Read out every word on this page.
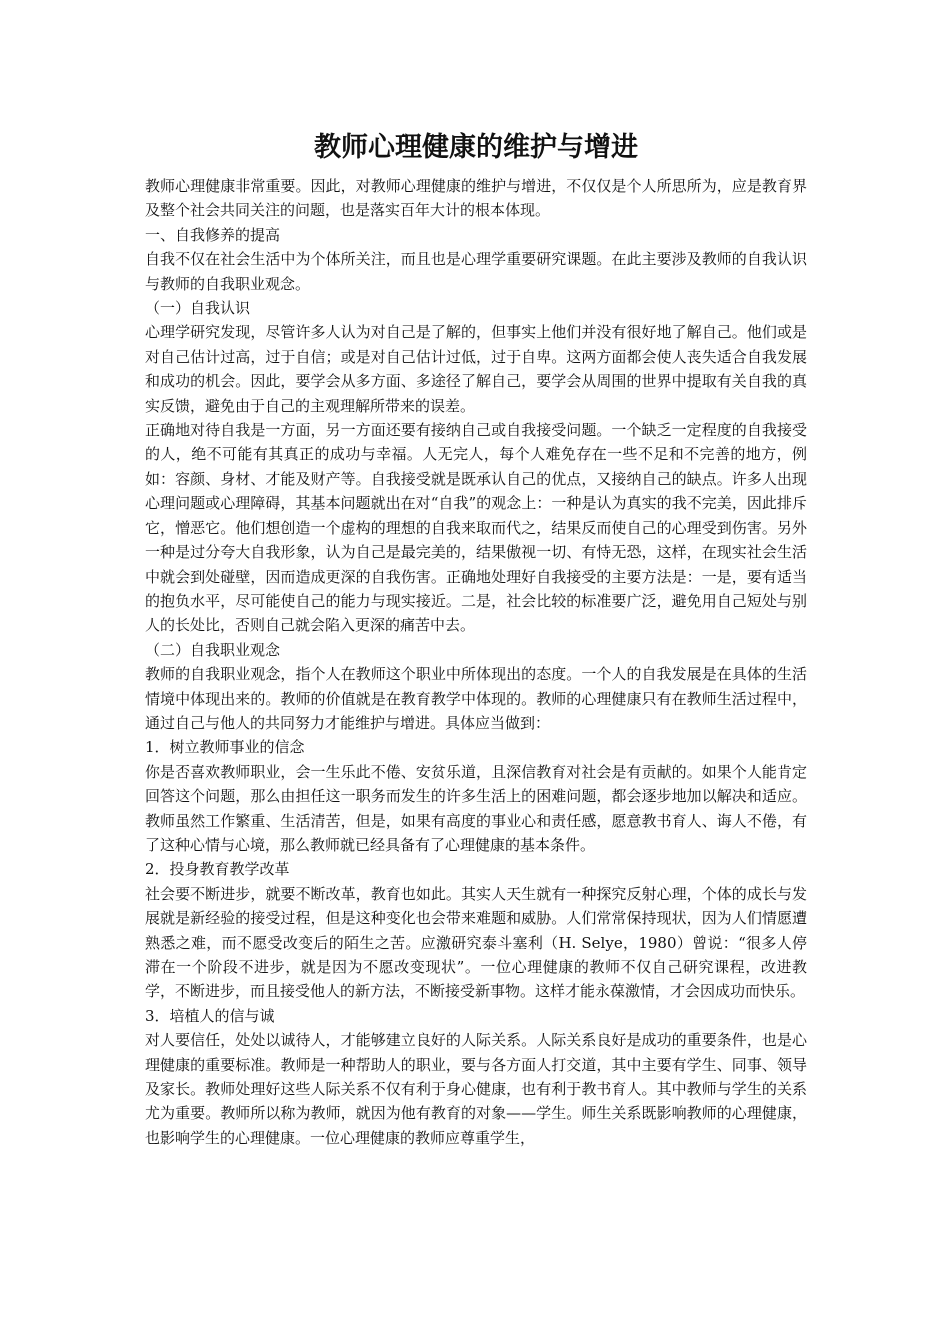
教师心理健康的维护与增进

教师心理健康非常重要。因此，对教师心理健康的维护与增进，不仅仅是个人所思所为，应是教育界及整个社会共同关注的问题，也是落实百年大计的根本体现。

一、自我修养的提高

自我不仅在社会生活中为个体所关注，而且也是心理学重要研究课题。在此主要涉及教师的自我认识与教师的自我职业观念。

（一）自我认识

心理学研究发现，尽管许多人认为对自己是了解的，但事实上他们并没有很好地了解自己。他们或是对自己估计过高，过于自信；或是对自己估计过低，过于自卑。这两方面都会使人丧失适合自我发展和成功的机会。因此，要学会从多方面、多途径了解自己，要学会从周围的世界中提取有关自我的真实反馈，避免由于自己的主观理解所带来的误差。

正确地对待自我是一方面，另一方面还要有接纳自己或自我接受问题。一个缺乏一定程度的自我接受的人，绝不可能有其真正的成功与幸福。人无完人，每个人难免存在一些不足和不完善的地方，例如：容颜、身材、才能及财产等。自我接受就是既承认自己的优点，又接纳自己的缺点。许多人出现心理问题或心理障碍，其基本问题就出在对“自我”的观念上：一种是认为真实的我不完美，因此排斥它，憎恶它。他们想创造一个虚构的理想的自我来取而代之，结果反而使自己的心理受到伤害。另外一种是过分夸大自我形象，认为自己是最完美的，结果傲视一切、有恃无恐，这样，在现实社会生活中就会到处碰壁，因而造成更深的自我伤害。正确地处理好自我接受的主要方法是：一是，要有适当的抱负水平，尽可能使自己的能力与现实接近。二是，社会比较的标准要广泛，避免用自己短处与别人的长处比，否则自己就会陷入更深的痛苦中去。

（二）自我职业观念

教师的自我职业观念，指个人在教师这个职业中所体现出的态度。一个人的自我发展是在具体的生活情境中体现出来的。教师的价值就是在教育教学中体现的。教师的心理健康只有在教师生活过程中，通过自己与他人的共同努力才能维护与增进。具体应当做到：

1．树立教师事业的信念

你是否喜欢教师职业，会一生乐此不倦、安贫乐道，且深信教育对社会是有贡献的。如果个人能肯定回答这个问题，那么由担任这一职务而发生的许多生活上的困难问题，都会逐步地加以解决和适应。教师虽然工作繁重、生活清苦，但是，如果有高度的事业心和责任感，愿意教书育人、诲人不倦，有了这种心情与心境，那么教师就已经具备有了心理健康的基本条件。

2．投身教育教学改革

社会要不断进步，就要不断改革，教育也如此。其实人天生就有一种探究反射心理，个体的成长与发展就是新经验的接受过程，但是这种变化也会带来难题和威胁。人们常常保持现状，因为人们情愿遭熟悉之难，而不愿受改变后的陌生之苦。应激研究泰斗塞利（H. Selye，1980）曾说：“很多人停滞在一个阶段不进步，就是因为不愿改变现状”。一位心理健康的教师不仅自己研究课程，改进教学，不断进步，而且接受他人的新方法，不断接受新事物。这样才能永葆激情，才会因成功而快乐。

3．培植人的信与诚

对人要信任，处处以诚待人，才能够建立良好的人际关系。人际关系良好是成功的重要条件，也是心理健康的重要标准。教师是一种帮助人的职业，要与各方面人打交道，其中主要有学生、同事、领导及家长。教师处理好这些人际关系不仅有利于身心健康，也有利于教书育人。其中教师与学生的关系尤为重要。教师所以称为教师，就因为他有教育的对象——学生。师生关系既影响教师的心理健康，也影响学生的心理健康。一位心理健康的教师应尊重学生，
